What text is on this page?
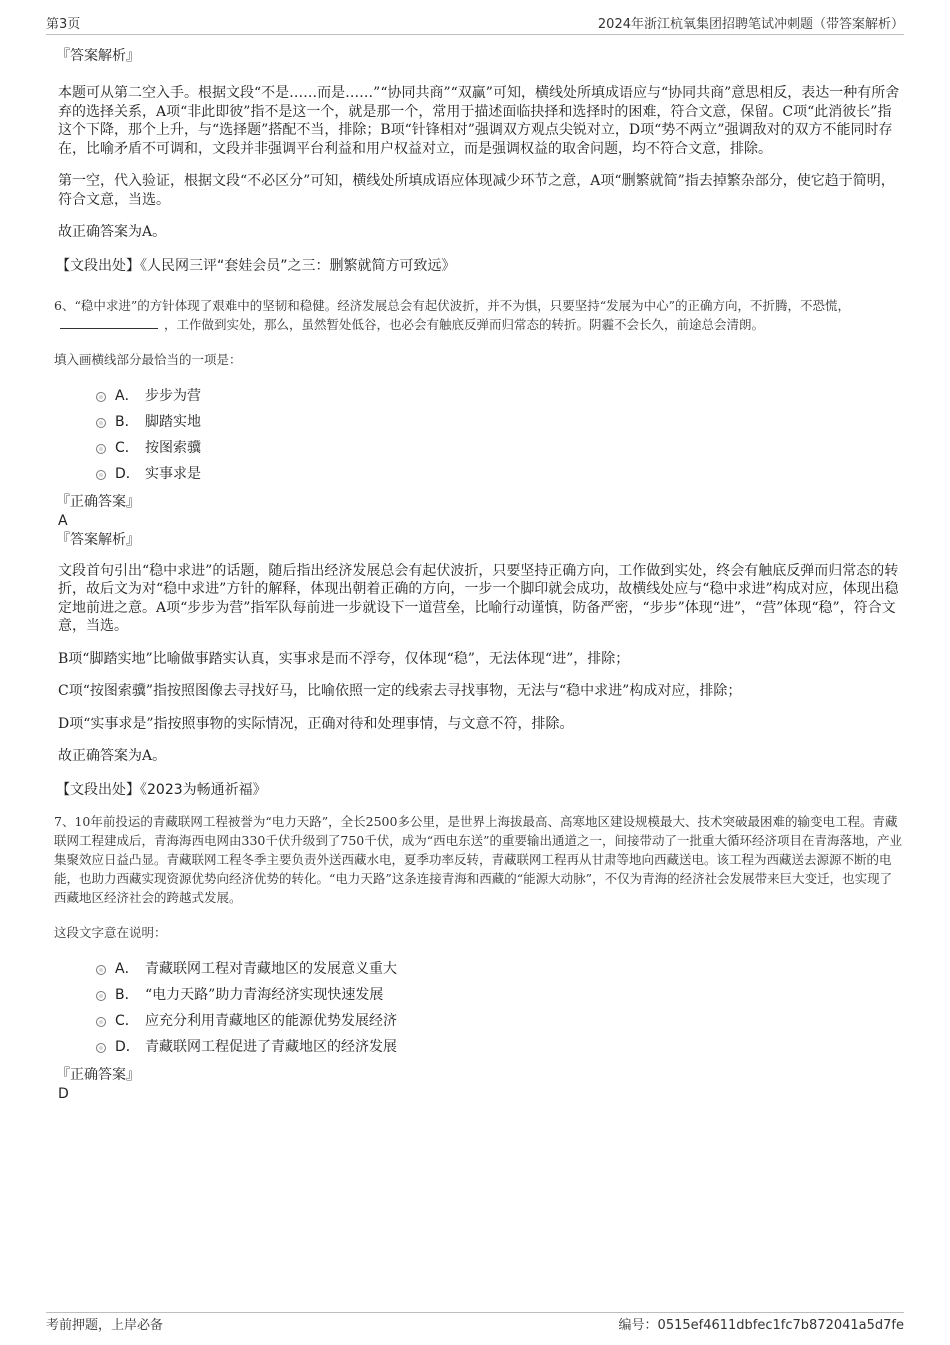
第3页	2024年浙江杭氧集团招聘笔试冲刺题（带答案解析）
『答案解析』

本题可从第二空入手。根据文段“不是……而是……”“协同共商”“双赢”可知，横线处所填成语应与“协同共商”意思相反，表达一种有所舍弃的选择关系，A项“非此即彼”指不是这一个，就是那一个，常用于描述面临抉择和选择时的困难，符合文意，保留。C项“此消彼长”指这个下降，那个上升，与“选择题”搭配不当，排除；B项“针锋相对”强调双方观点尖锐对立，D项“势不两立”强调敌对的双方不能同时存在，比喻矛盾不可调和，文段并非强调平台利益和用户权益对立，而是强调权益的取舍问题，均不符合文意，排除。

第一空，代入验证，根据文段“不必区分”可知，横线处所填成语应体现减少环节之意，A项“删繁就简”指去掉繁杂部分，使它趋于简明，符合文意，当选。

故正确答案为A。

【文段出处】《人民网三评“套娃会员”之三：删繁就简方可致远》
6、“稳中求进”的方针体现了艰难中的坚韧和稳健。经济发展总会有起伏波折，并不为惧，只要坚持“发展为中心”的正确方向，不折腾，不恐慌，，工作做到实处，那么，虽然暂处低谷，也必会有触底反弹而归常态的转折。阴霾不会长久，前途总会清朗。
填入画横线部分最恰当的一项是：
A． 步步为营
B． 脚踏实地
C． 按图索骥
D． 实事求是
『正确答案』
A
『答案解析』

文段首句引出“稳中求进”的话题，随后指出经济发展总会有起伏波折，只要坚持正确方向，工作做到实处，终会有触底反弹而归常态的转折，故后文为对“稳中求进”方针的解释，体现出朝着正确的方向，一步一个脚印就会成功，故横线处应与“稳中求进”构成对应，体现出稳定地前进之意。A项“步步为营”指军队每前进一步就设下一道营垒，比喻行动谨慎，防备严密，“步步”体现“进”，“营”体现“稳”，符合文意，当选。

B项“脚踏实地”比喻做事踏实认真，实事求是而不浮夸，仅体现“稳”，无法体现“进”，排除；

C项“按图索骥”指按照图像去寻找好马，比喻依照一定的线索去寻找事物，无法与“稳中求进”构成对应，排除；

D项“实事求是”指按照事物的实际情况，正确对待和处理事情，与文意不符，排除。

故正确答案为A。

【文段出处】《2023为畅通祈福》
7、10年前投运的青藏联网工程被誉为“电力天路”，全长2500多公里，是世界上海拔最高、高寒地区建设规模最大、技术突破最困难的输变电工程。青藏联网工程建成后，青海海西电网由330千伏升级到了750千伏，成为“西电东送”的重要输出通道之一，间接带动了一批重大循环经济项目在青海落地，产业集聚效应日益凸显。青藏联网工程冬季主要负责外送西藏水电，夏季功率反转，青藏联网工程再从甘肃等地向西藏送电。该工程为西藏送去源源不断的电能，也助力西藏实现资源优势向经济优势的转化。“电力天路”这条连接青海和西藏的“能源大动脉”，不仅为青海的经济社会发展带来巨大变迁，也实现了西藏地区经济社会的跨越式发展。
这段文字意在说明：
A． 青藏联网工程对青藏地区的发展意义重大
B． “电力天路”助力青海经济实现快速发展
C． 应充分利用青藏地区的能源优势发展经济
D． 青藏联网工程促进了青藏地区的经济发展
『正确答案』
D
考前押题，上岸必备	编号：0515ef4611dbfec1fc7b872041a5d7fe
